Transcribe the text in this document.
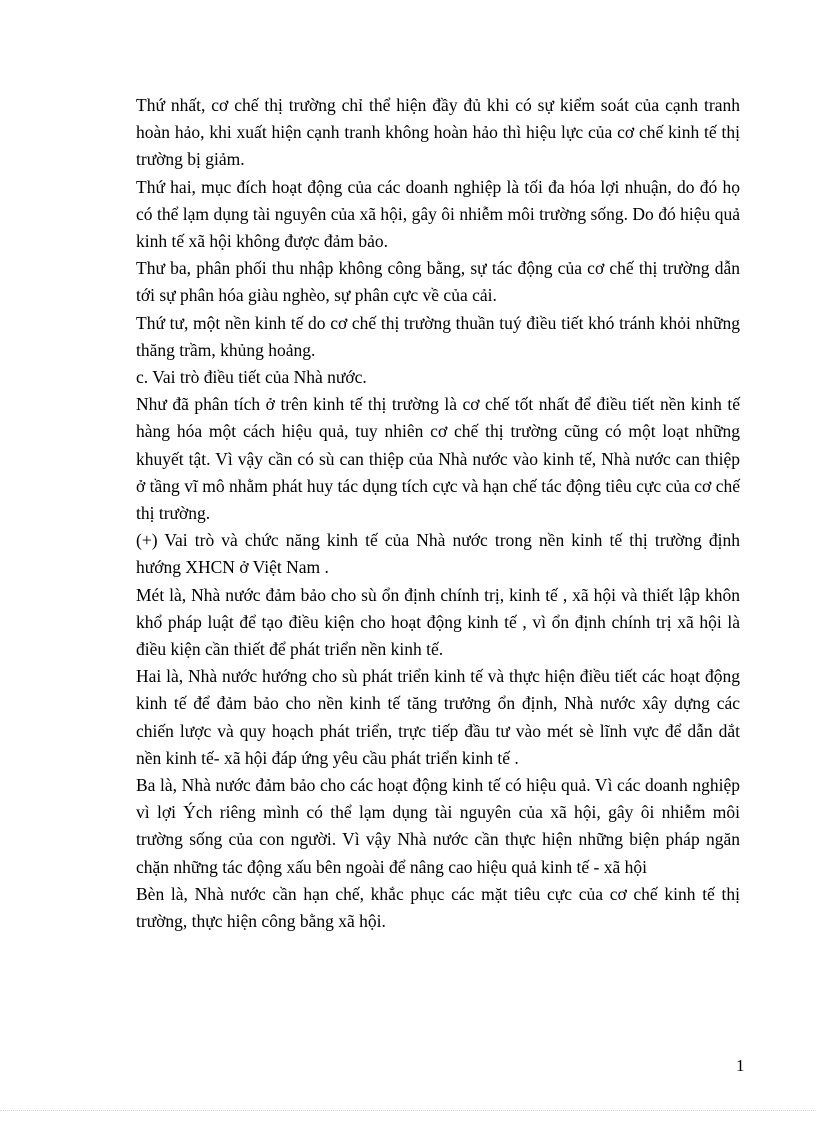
Thứ nhất, cơ chế thị trường chỉ thể hiện đầy đủ khi có sự kiểm soát của cạnh tranh hoàn hảo, khi xuất hiện cạnh tranh không hoàn hảo thì hiệu lực của cơ chế kinh tế thị trường bị giảm.

Thứ hai, mục đích hoạt động của các doanh nghiệp là tối đa hóa lợi nhuận, do đó họ có thể lạm dụng tài nguyên của xã hội, gây ôi nhiễm môi trường sống. Do đó hiệu quả kinh tế xã hội không được đảm bảo.

Thư ba, phân phối thu nhập không công bằng, sự tác động của cơ chế thị trường dẫn tới sự phân hóa giàu nghèo, sự phân cực về của cải.

Thứ tư, một nền kinh tế do cơ chế thị trường thuần tuý điều tiết khó tránh khỏi những thăng trầm, khủng hoảng.

c. Vai trò điều tiết của Nhà nước.

Như đã phân tích ở trên kinh tế thị trường là cơ chế tốt nhất để điều tiết nền kinh tế hàng hóa một cách hiệu quả, tuy nhiên cơ chế thị trường cũng có một loạt những khuyết tật. Vì vậy cần có sù can thiệp của Nhà nước vào kinh tế, Nhà nước can thiệp ở tầng vĩ mô nhằm phát huy tác dụng tích cực và hạn chế tác động tiêu cực của cơ chế thị trường.

(+) Vai trò và chức năng kinh tế của Nhà nước trong nền kinh tế thị trường định hướng XHCN ở Việt Nam .

Mét là, Nhà nước đảm bảo cho sù ổn định chính trị, kinh tế , xã hội và thiết lập khôn khổ pháp luật để tạo điều kiện cho hoạt động kinh tế , vì ổn định chính trị xã hội là điều kiện cần thiết để phát triển nền kinh tế.

Hai là, Nhà nước hướng cho sù phát triển kinh tế và thực hiện điều tiết các hoạt động kinh tế để đảm bảo cho nền kinh tế tăng trưởng ổn định, Nhà nước xây dựng các chiến lược và quy hoạch phát triển, trực tiếp đầu tư vào mét sè lĩnh vực để dẫn dắt nền kinh tế- xã hội đáp ứng yêu cầu phát triển kinh tế .

Ba là, Nhà nước đảm bảo cho các hoạt động kinh tế có hiệu quả. Vì các doanh nghiệp vì lợi Ých riêng mình có thể lạm dụng tài nguyên của xã hội, gây ôi nhiễm môi trường sống của con người. Vì vậy Nhà nước cần thực hiện những biện pháp ngăn chặn những tác động xấu bên ngoài để nâng cao hiệu quả kinh tế - xã hội

Bèn là, Nhà nước cần hạn chế, khắc phục các mặt tiêu cực của cơ chế kinh tế thị trường, thực hiện công bằng xã hội.

1
